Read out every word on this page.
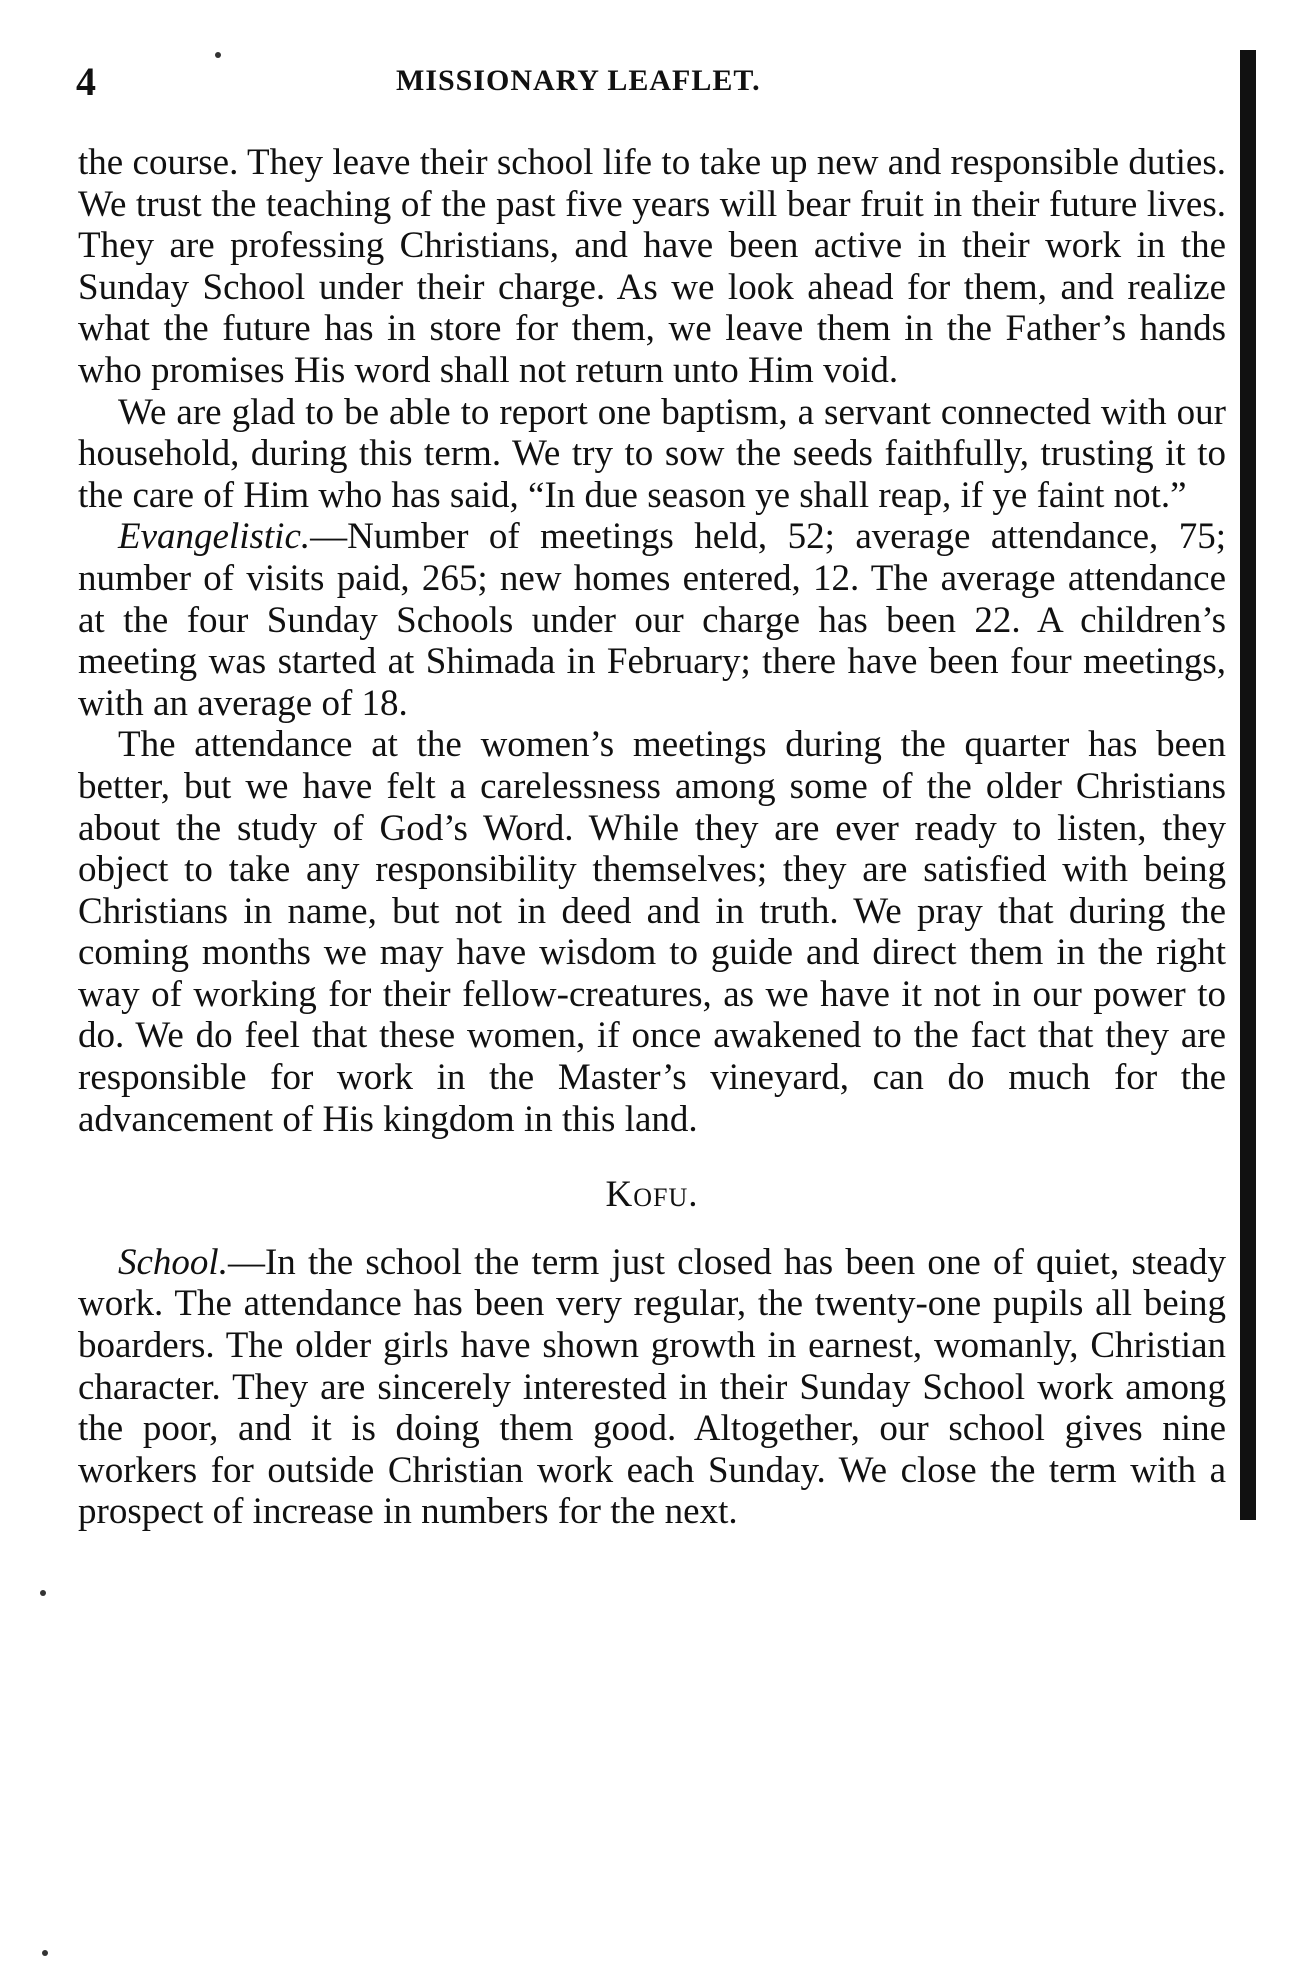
4	MISSIONARY LEAFLET.

the course. They leave their school life to take up new and responsible duties. We trust the teaching of the past five years will bear fruit in their future lives. They are professing Christians, and have been active in their work in the Sunday School under their charge. As we look ahead for them, and realize what the future has in store for them, we leave them in the Father’s hands who promises His word shall not return unto Him void.

We are glad to be able to report one baptism, a servant connected with our household, during this term. We try to sow the seeds faithfully, trusting it to the care of Him who has said, “In due season ye shall reap, if ye faint not.”

Evangelistic.—Number of meetings held, 52; average attendance, 75; number of visits paid, 265; new homes entered, 12. The average attendance at the four Sunday Schools under our charge has been 22. A children’s meeting was started at Shimada in February; there have been four meetings, with an average of 18.

The attendance at the women’s meetings during the quarter has been better, but we have felt a carelessness among some of the older Christians about the study of God’s Word. While they are ever ready to listen, they object to take any responsibility themselves; they are satisfied with being Christians in name, but not in deed and in truth. We pray that during the coming months we may have wisdom to guide and direct them in the right way of working for their fellow-creatures, as we have it not in our power to do. We do feel that these women, if once awakened to the fact that they are responsible for work in the Master’s vineyard, can do much for the advancement of His kingdom in this land.

Kofu.

School.—In the school the term just closed has been one of quiet, steady work. The attendance has been very regular, the twenty-one pupils all being boarders. The older girls have shown growth in earnest, womanly, Christian character. They are sincerely interested in their Sunday School work among the poor, and it is doing them good. Altogether, our school gives nine workers for outside Christian work each Sunday. We close the term with a prospect of increase in numbers for the next.
